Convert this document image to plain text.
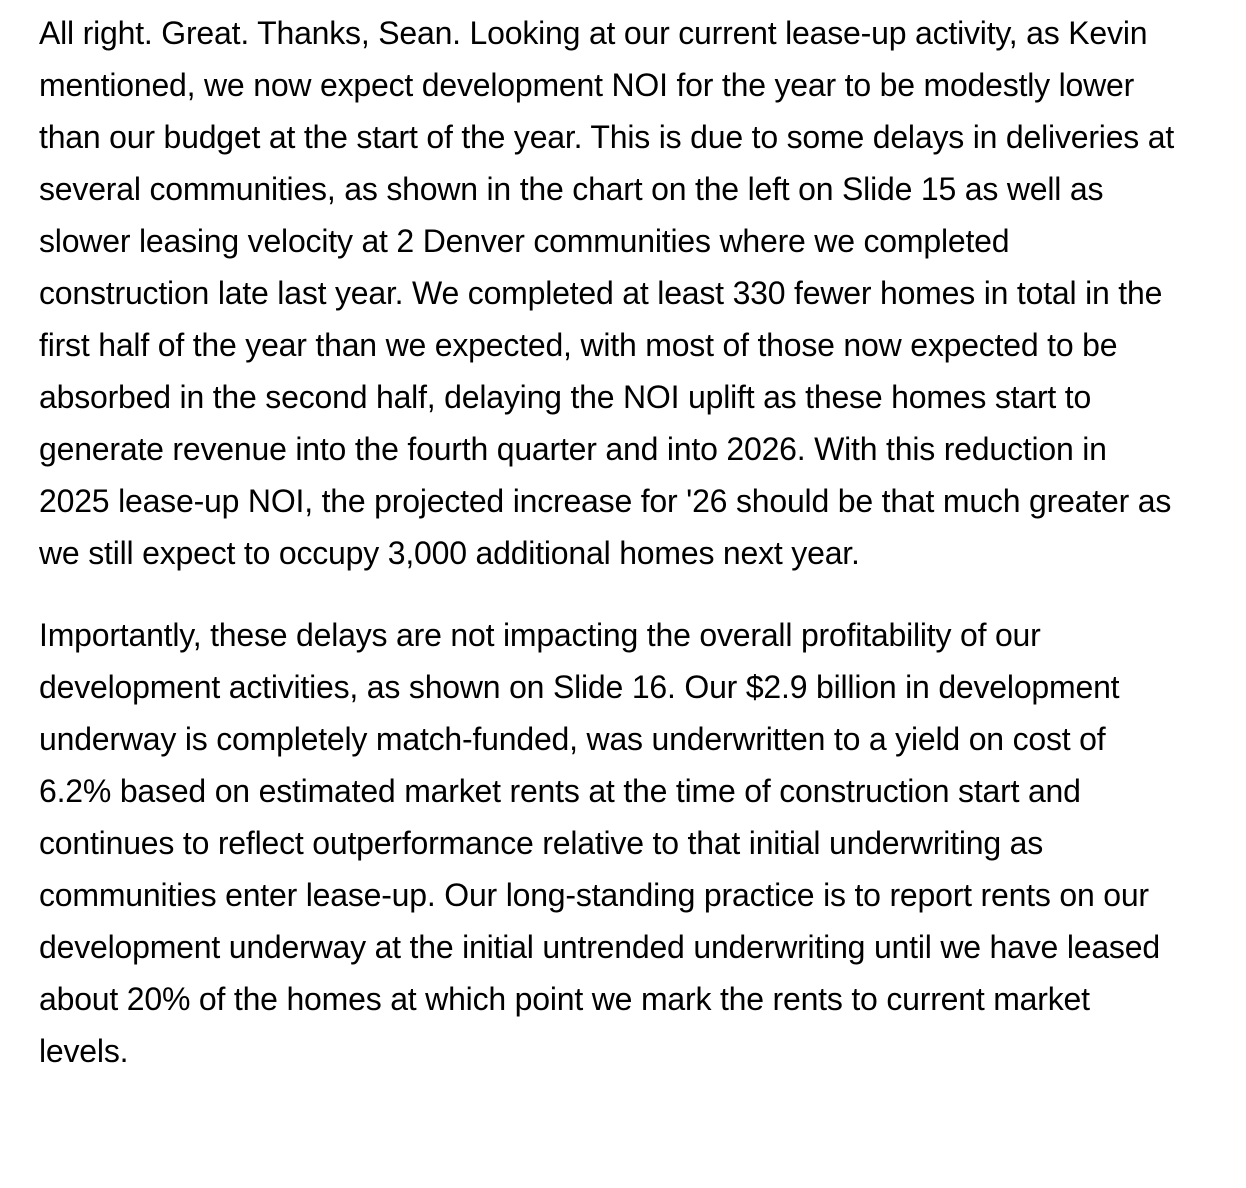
All right. Great. Thanks, Sean. Looking at our current lease-up activity, as Kevin mentioned, we now expect development NOI for the year to be modestly lower than our budget at the start of the year. This is due to some delays in deliveries at several communities, as shown in the chart on the left on Slide 15 as well as slower leasing velocity at 2 Denver communities where we completed construction late last year. We completed at least 330 fewer homes in total in the first half of the year than we expected, with most of those now expected to be absorbed in the second half, delaying the NOI uplift as these homes start to generate revenue into the fourth quarter and into 2026. With this reduction in 2025 lease-up NOI, the projected increase for '26 should be that much greater as we still expect to occupy 3,000 additional homes next year.

Importantly, these delays are not impacting the overall profitability of our development activities, as shown on Slide 16. Our $2.9 billion in development underway is completely match-funded, was underwritten to a yield on cost of 6.2% based on estimated market rents at the time of construction start and continues to reflect outperformance relative to that initial underwriting as communities enter lease-up. Our long-standing practice is to report rents on our development underway at the initial untrended underwriting until we have leased about 20% of the homes at which point we mark the rents to current market levels.
